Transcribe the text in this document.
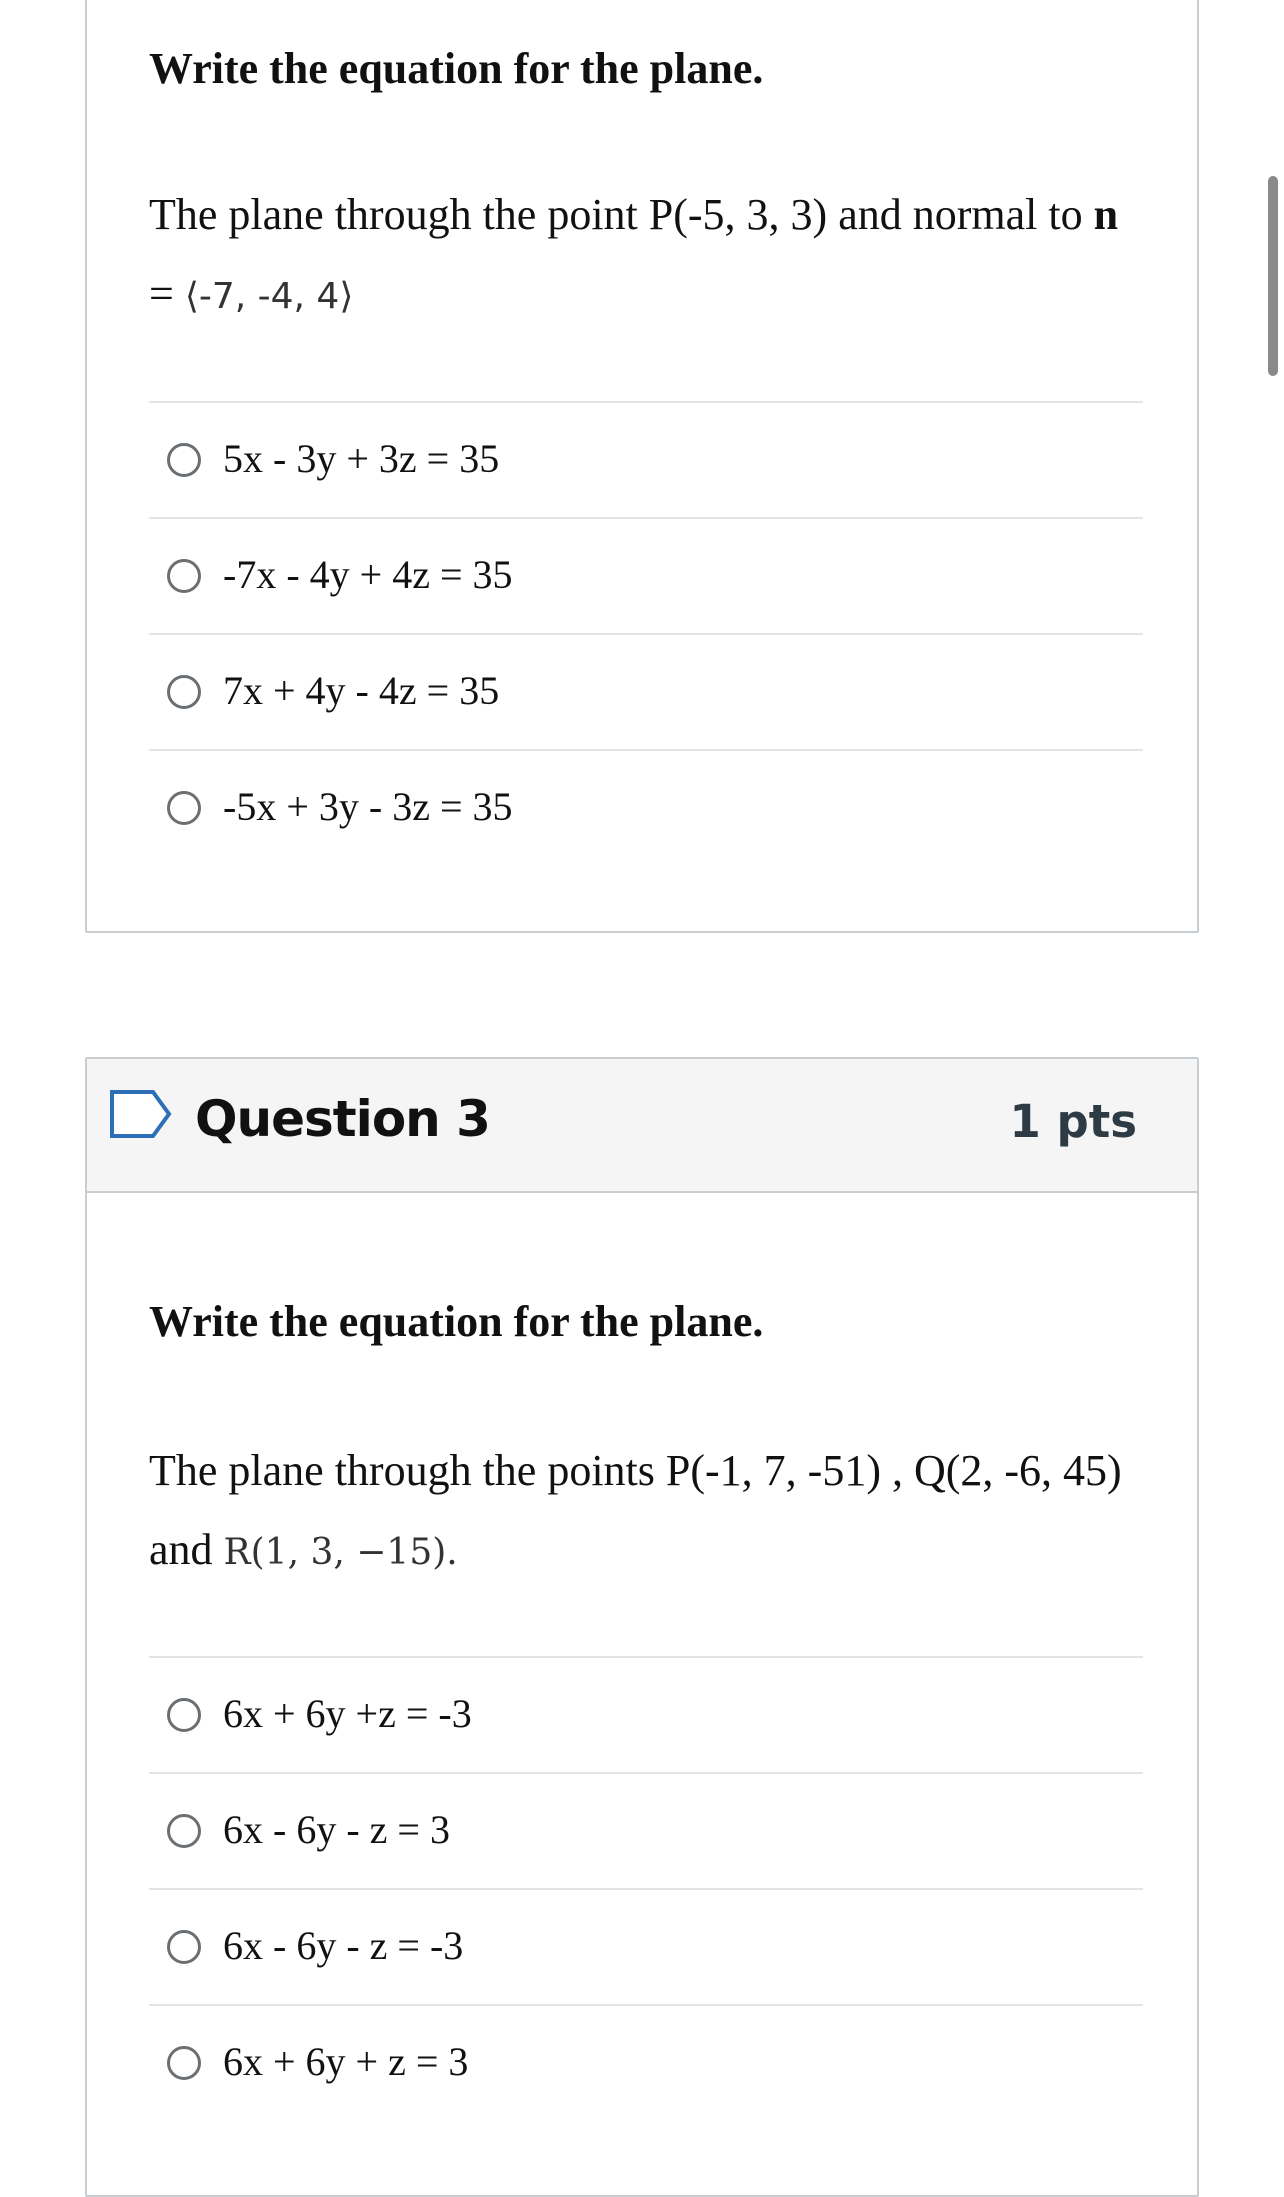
Write the equation for the plane.
The plane through the point P(-5, 3, 3) and normal to n = ⟨-7, -4, 4⟩
5x - 3y + 3z = 35
-7x - 4y + 4z = 35
7x + 4y - 4z = 35
-5x + 3y - 3z = 35
Question 3	1 pts
Write the equation for the plane.
The plane through the points P(-1, 7, -51) , Q(2, -6, 45) and R(1, 3, −15).
6x + 6y +z = -3
6x - 6y - z = 3
6x - 6y - z = -3
6x + 6y + z = 3
